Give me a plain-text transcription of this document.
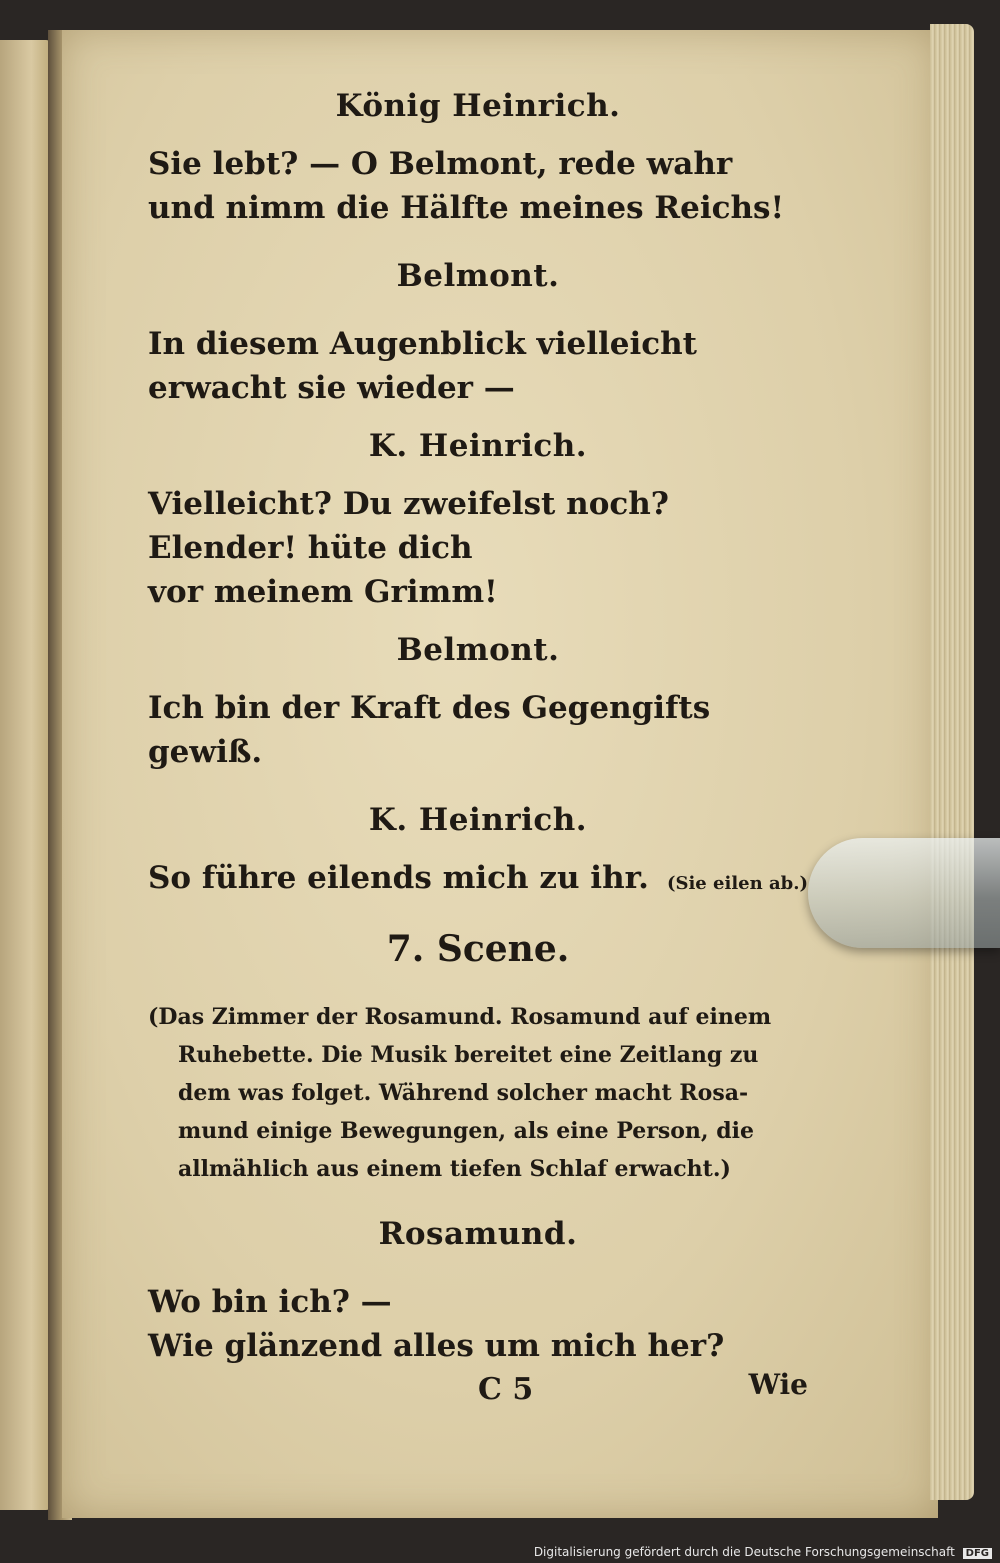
König Heinrich.

Sie lebt? — O Belmont, rede wahr

und nimm die Hälfte meines Reichs!

Belmont.

In diesem Augenblick vielleicht

erwacht sie wieder —

K. Heinrich.

Vielleicht? Du zweifelst noch? Elender! hüte dich

vor meinem Grimm!

Belmont.

Ich bin der Kraft des Gegengifts gewiß.

K. Heinrich.

So führe eilends mich zu ihr. (Sie eilen ab.)

7. Scene.

(Das Zimmer der Rosamund. Rosamund auf einem
Ruhebette. Die Musik bereitet eine Zeitlang zu
dem was folget. Während solcher macht Rosa-
mund einige Bewegungen, als eine Person, die
allmählich aus einem tiefen Schlaf erwacht.)

Rosamund.

Wo bin ich? —

Wie glänzend alles um mich her?

C 5	Wie
Digitalisierung gefördert durch die Deutsche Forschungsgemeinschaft DFG
